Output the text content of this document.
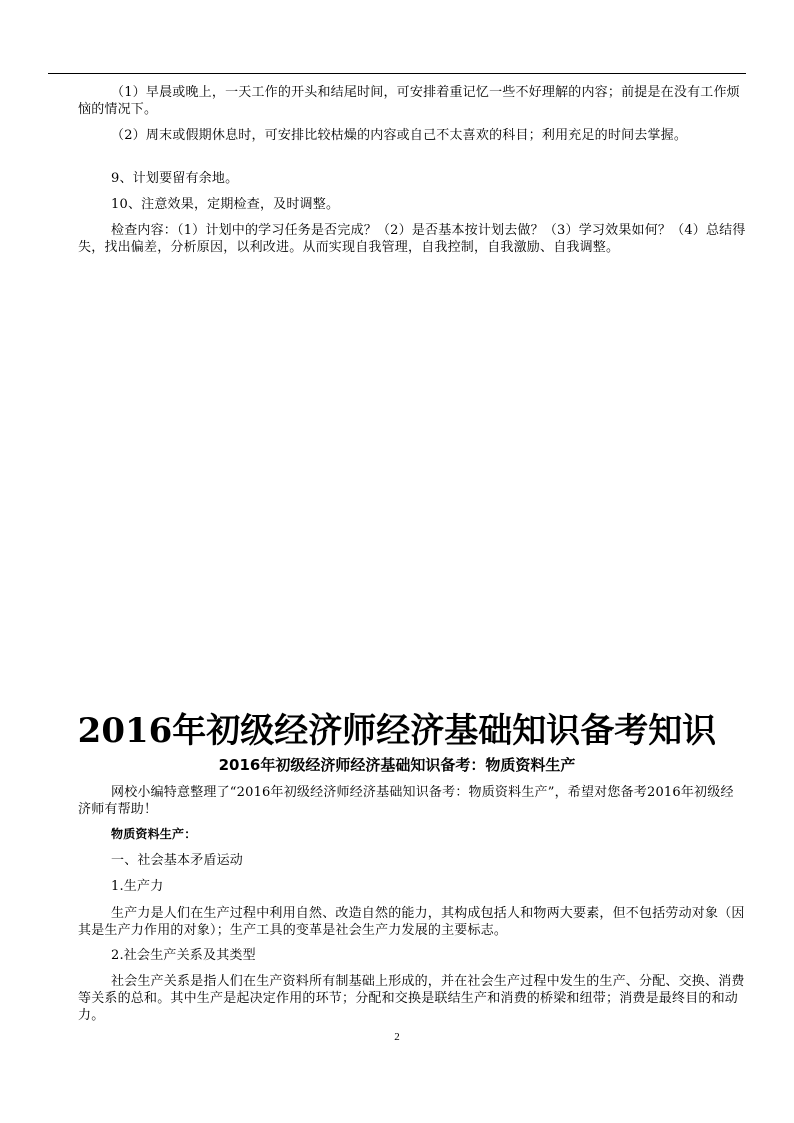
（1）早晨或晚上，一天工作的开头和结尾时间，可安排着重记忆一些不好理解的内容；前提是在没有工作烦恼的情况下。

（2）周末或假期休息时，可安排比较枯燥的内容或自己不太喜欢的科目；利用充足的时间去掌握。

9、计划要留有余地。

10、注意效果，定期检查，及时调整。

检查内容：（1）计划中的学习任务是否完成？（2）是否基本按计划去做？（3）学习效果如何？（4）总结得失，找出偏差，分析原因，以利改进。从而实现自我管理，自我控制，自我激励、自我调整。

2016年初级经济师经济基础知识备考知识
2016年初级经济师经济基础知识备考：物质资料生产

网校小编特意整理了“2016年初级经济师经济基础知识备考：物质资料生产”，希望对您备考2016年初级经济师有帮助！

物质资料生产：

一、社会基本矛盾运动

1.生产力

生产力是人们在生产过程中利用自然、改造自然的能力，其构成包括人和物两大要素，但不包括劳动对象（因其是生产力作用的对象）；生产工具的变革是社会生产力发展的主要标志。

2.社会生产关系及其类型

社会生产关系是指人们在生产资料所有制基础上形成的，并在社会生产过程中发生的生产、分配、交换、消费等关系的总和。其中生产是起决定作用的环节；分配和交换是联结生产和消费的桥梁和纽带；消费是最终目的和动力。

2
